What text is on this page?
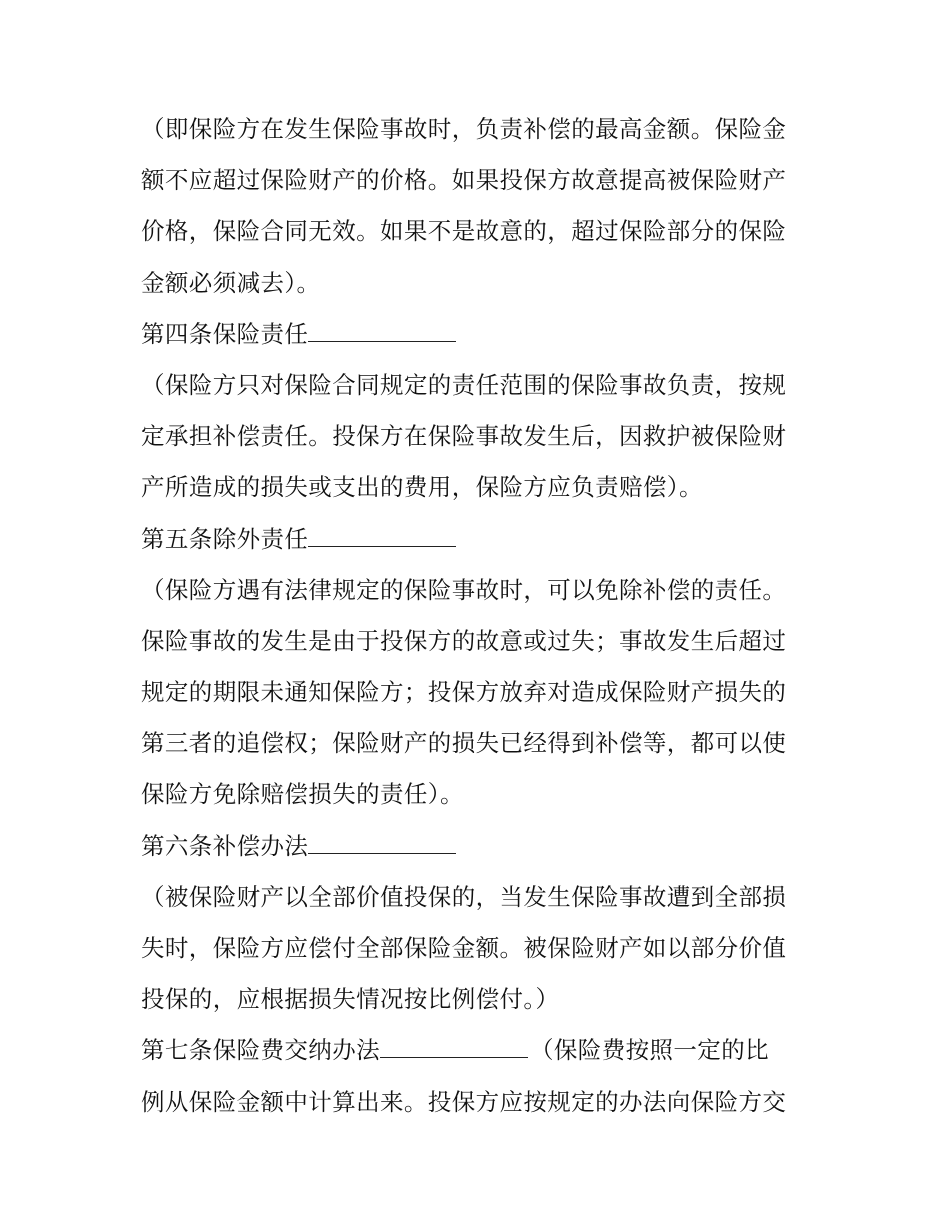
（即保险方在发生保险事故时，负责补偿的最高金额。保险金
额不应超过保险财产的价格。如果投保方故意提高被保险财产
价格，保险合同无效。如果不是故意的，超过保险部分的保险
金额必须减去）。
第四条保险责任
（保险方只对保险合同规定的责任范围的保险事故负责，按规
定承担补偿责任。投保方在保险事故发生后，因救护被保险财
产所造成的损失或支出的费用，保险方应负责赔偿）。
第五条除外责任
（保险方遇有法律规定的保险事故时，可以免除补偿的责任。
保险事故的发生是由于投保方的故意或过失；事故发生后超过
规定的期限未通知保险方；投保方放弃对造成保险财产损失的
第三者的追偿权；保险财产的损失已经得到补偿等，都可以使
保险方免除赔偿损失的责任）。
第六条补偿办法
（被保险财产以全部价值投保的，当发生保险事故遭到全部损
失时，保险方应偿付全部保险金额。被保险财产如以部分价值
投保的，应根据损失情况按比例偿付。）
第七条保险费交纳办法	（保险费按照一定的比
例从保险金额中计算出来。投保方应按规定的办法向保险方交
